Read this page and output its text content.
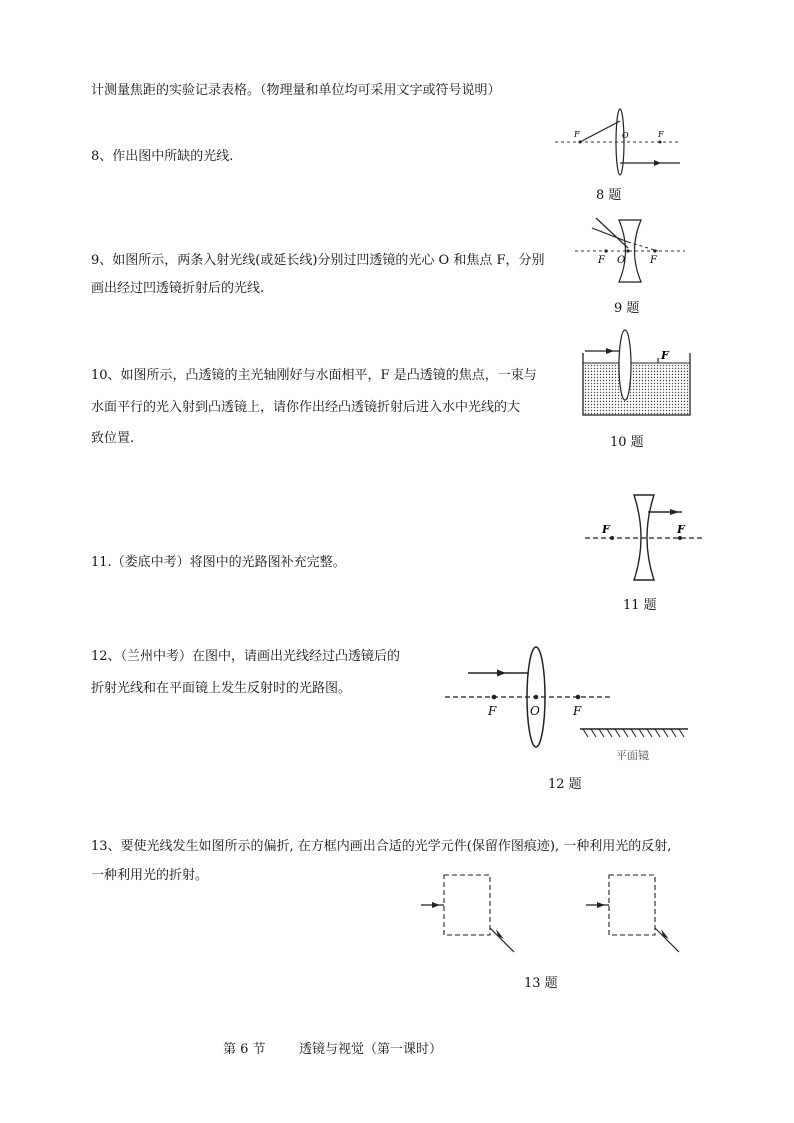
计测量焦距的实验记录表格。（物理量和单位均可采用文字或符号说明）
8、作出图中所缺的光线.
F	O	F
8 题
9、如图所示，两条入射光线(或延长线)分别过凹透镜的光心 O 和焦点 F，分别
画出经过凹透镜折射后的光线.
F O F
9 题
10、如图所示，凸透镜的主光轴刚好与水面相平，F 是凸透镜的焦点，一束与
水面平行的光入射到凸透镜上，请你作出经凸透镜折射后进入水中光线的大
致位置.
F
10 题
11.（娄底中考）将图中的光路图补充完整。
F	F
11 题
12、（兰州中考）在图中，请画出光线经过凸透镜后的
折射光线和在平面镜上发生反射时的光路图。
F	O	F
平面镜
12 题
13、要使光线发生如图所示的偏折, 在方框内画出合适的光学元件(保留作图痕迹), 一种利用光的反射,
一种利用光的折射。
13 题
第 6 节	透镜与视觉（第一课时）
